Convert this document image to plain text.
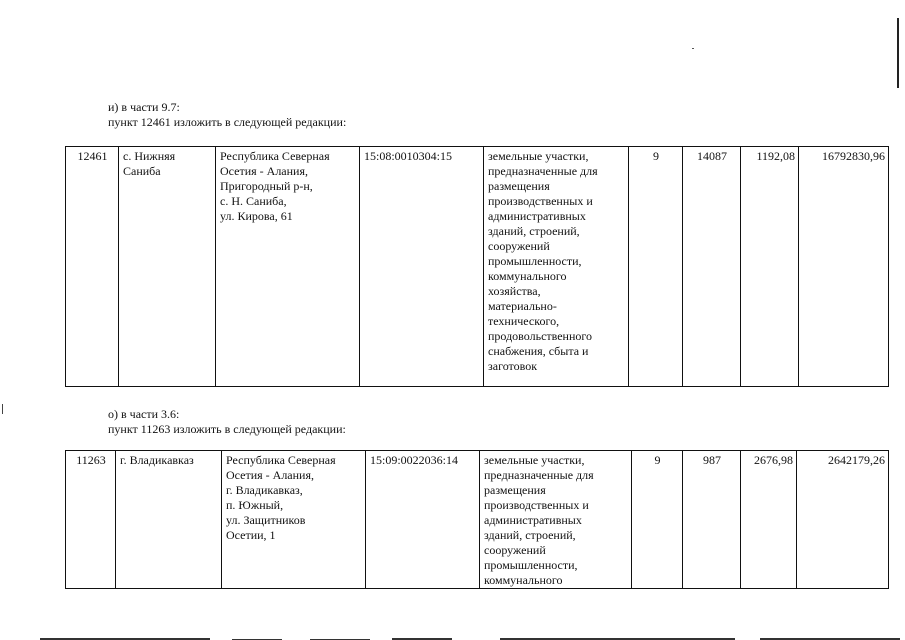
и) в части 9.7:
пункт 12461 изложить в следующей редакции:
12461	с. Нижняя
Саниба

Республика Северная
Осетия - Алания,
Пригородный р-н,
с. Н. Саниба,
ул. Кирова, 61
	15:08:0010304:15	земельные участки,
предназначенные для
размещения
производственных и
административных
зданий, строений,
сооружений
промышленности,
коммунального
хозяйства,
материально-
технического,
продовольственного
снабжения, сбыта и
заготовок
	9	14087	1192,08	16792830,96
о) в части 3.6:
пункт 11263 изложить в следующей редакции:
11263	г. Владикавказ	Республика Северная
Осетия - Алания,
г. Владикавказ,
п. Южный,
ул. Защитников
Осетии, 1
	15:09:0022036:14	земельные участки,
предназначенные для
размещения
производственных и
административных
зданий, строений,
сооружений
промышленности,
коммунального
	9	987	2676,98	2642179,26
